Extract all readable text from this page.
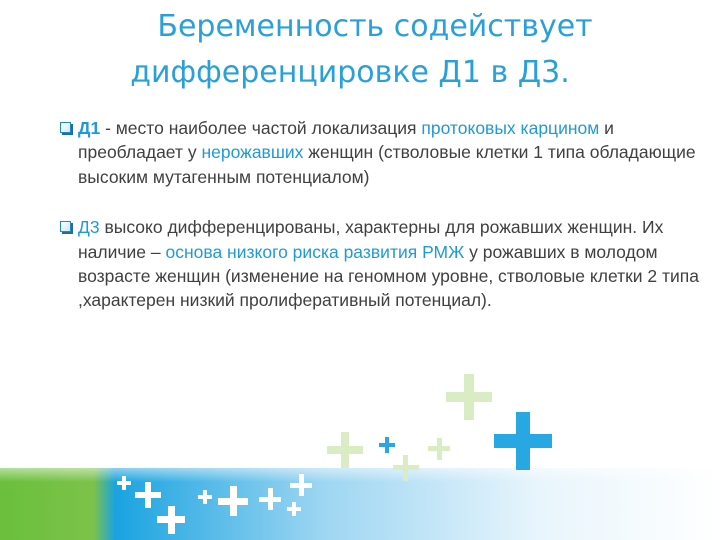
Беременность содействует
дифференцировке Д1 в Д3.
Д1 - место наиболее частой локализация протоковых карцином и преобладает у нерожавших женщин (стволовые клетки 1 типа обладающие высоким мутагенным потенциалом)
Д3 высоко дифференцированы, характерны для рожавших женщин. Их наличие – основа низкого риска развития РМЖ у рожавших в молодом возрасте женщин (изменение на геномном уровне, стволовые клетки 2 типа ,характерен низкий пролиферативный потенциал).
